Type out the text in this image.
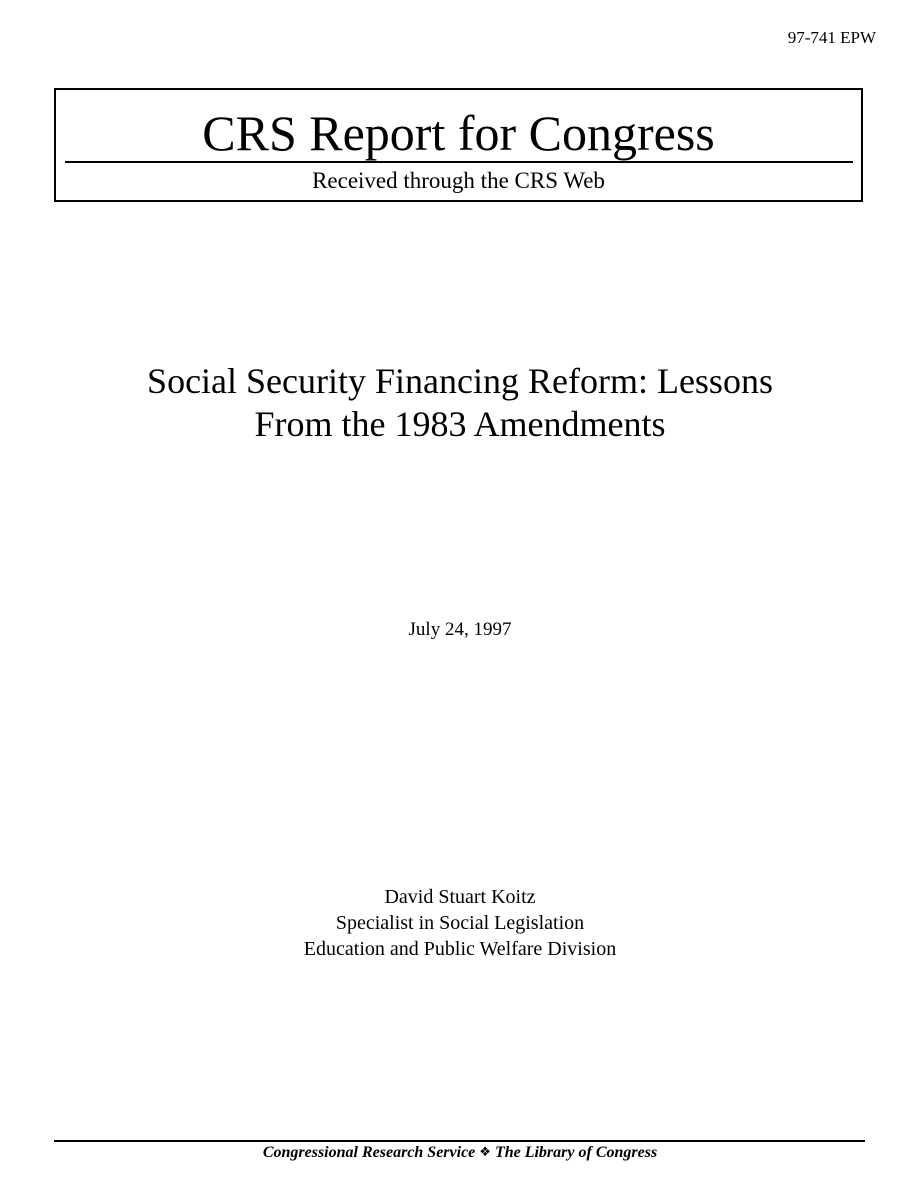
97-741 EPW
CRS Report for Congress
Received through the CRS Web
Social Security Financing Reform: Lessons
From the 1983 Amendments
July 24, 1997
David Stuart Koitz
Specialist in Social Legislation
Education and Public Welfare Division
Congressional Research Service ❖ The Library of Congress
